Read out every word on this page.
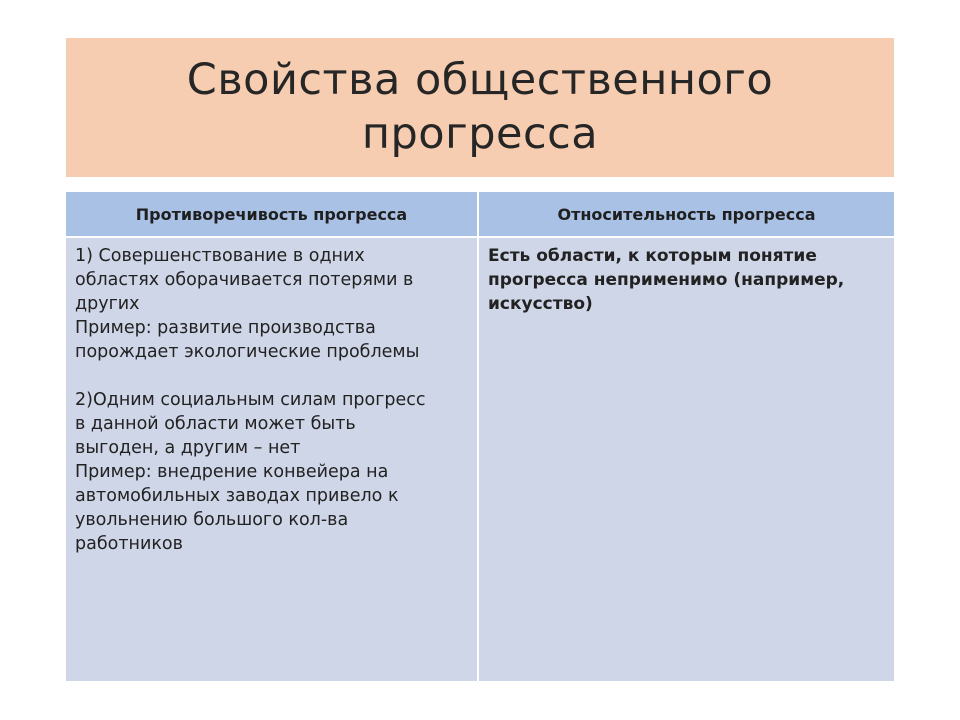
Свойства общественного
прогресса
Противоречивость прогресса	Относительность прогресса

1) Совершенствование в одних
областях оборачивается потерями в
других
Пример: развитие производства
порождает экологические проблемы

2)Одним социальным силам прогресс
в данной области может быть
выгоден, а другим – нет
Пример: внедрение конвейера на
автомобильных заводах привело к
увольнению большого кол-ва
работников

Есть области, к которым понятие
прогресса неприменимо (например,
искусство)
